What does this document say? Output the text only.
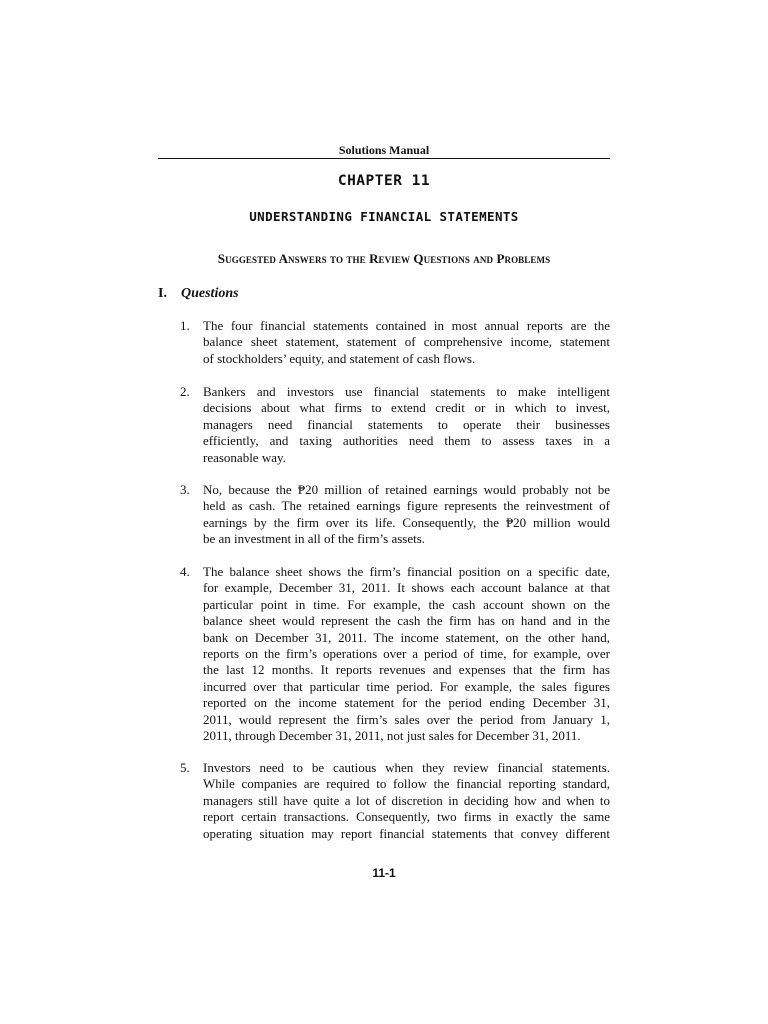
Solutions Manual
CHAPTER 11
UNDERSTANDING FINANCIAL STATEMENTS
Suggested Answers to the Review Questions and Problems
I. Questions
1.	The four financial statements contained in most annual reports are the
balance sheet statement, statement of comprehensive income, statement
of stockholders’ equity, and statement of cash flows.
2.	Bankers and investors use financial statements to make intelligent
decisions about what firms to extend credit or in which to invest,
managers need financial statements to operate their businesses
efficiently, and taxing authorities need them to assess taxes in a
reasonable way.
3.	No, because the ₱20 million of retained earnings would probably not be
held as cash. The retained earnings figure represents the reinvestment of
earnings by the firm over its life. Consequently, the ₱20 million would
be an investment in all of the firm’s assets.
4.	The balance sheet shows the firm’s financial position on a specific date,
for example, December 31, 2011. It shows each account balance at that
particular point in time. For example, the cash account shown on the
balance sheet would represent the cash the firm has on hand and in the
bank on December 31, 2011. The income statement, on the other hand,
reports on the firm’s operations over a period of time, for example, over
the last 12 months. It reports revenues and expenses that the firm has
incurred over that particular time period. For example, the sales figures
reported on the income statement for the period ending December 31,
2011, would represent the firm’s sales over the period from January 1,
2011, through December 31, 2011, not just sales for December 31, 2011.
5.	Investors need to be cautious when they review financial statements.
While companies are required to follow the financial reporting standard,
managers still have quite a lot of discretion in deciding how and when to
report certain transactions. Consequently, two firms in exactly the same
operating situation may report financial statements that convey different
11-1
